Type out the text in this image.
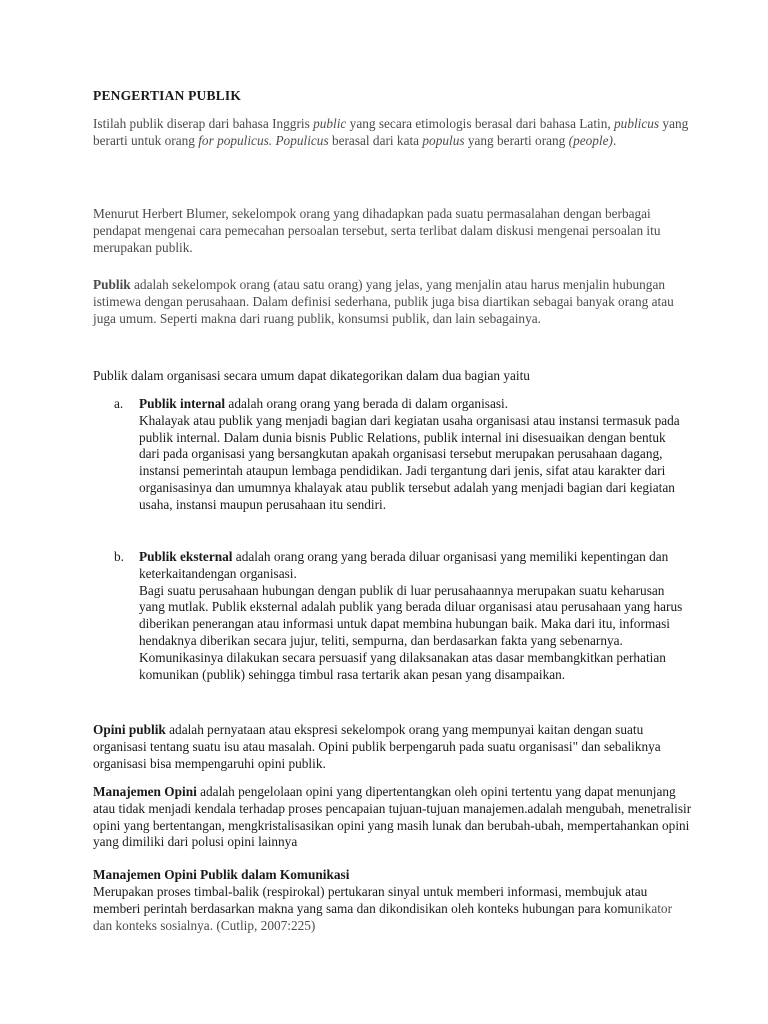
PENGERTIAN PUBLIK

Istilah publik diserap dari bahasa Inggris public yang secara etimologis berasal dari bahasa Latin, publicus yang berarti untuk orang for populicus. Populicus berasal dari kata populus yang berarti orang (people).

Menurut Herbert Blumer, sekelompok orang yang dihadapkan pada suatu permasalahan dengan berbagai pendapat mengenai cara pemecahan persoalan tersebut, serta terlibat dalam diskusi mengenai persoalan itu merupakan publik.

Publik adalah sekelompok orang (atau satu orang) yang jelas, yang menjalin atau harus menjalin hubungan istimewa dengan perusahaan. Dalam definisi sederhana, publik juga bisa diartikan sebagai banyak orang atau juga umum. Seperti makna dari ruang publik, konsumsi publik, dan lain sebagainya.

Publik dalam organisasi secara umum dapat dikategorikan dalam dua bagian yaitu

a.	Publik internal adalah orang orang yang berada di dalam organisasi.

Khalayak atau publik yang menjadi bagian dari kegiatan usaha organisasi atau instansi termasuk pada publik internal. Dalam dunia bisnis Public Relations, publik internal ini disesuaikan dengan bentuk dari pada organisasi yang bersangkutan apakah organisasi tersebut merupakan perusahaan dagang, instansi pemerintah ataupun lembaga pendidikan. Jadi tergantung dari jenis, sifat atau karakter dari organisasinya dan umumnya khalayak atau publik tersebut adalah yang menjadi bagian dari kegiatan usaha, instansi maupun perusahaan itu sendiri.

b.	Publik eksternal adalah orang orang yang berada diluar organisasi yang memiliki kepentingan dan keterkaitandengan organisasi.

Bagi suatu perusahaan hubungan dengan publik di luar perusahaannya merupakan suatu keharusan yang mutlak. Publik eksternal adalah publik yang berada diluar organisasi atau perusahaan yang harus diberikan penerangan atau informasi untuk dapat membina hubungan baik. Maka dari itu, informasi hendaknya diberikan secara jujur, teliti, sempurna, dan berdasarkan fakta yang sebenarnya. Komunikasinya dilakukan secara persuasif yang dilaksanakan atas dasar membangkitkan perhatian komunikan (publik) sehingga timbul rasa tertarik akan pesan yang disampaikan.

Opini publik adalah pernyataan atau ekspresi sekelompok orang yang mempunyai kaitan dengan suatu organisasi tentang suatu isu atau masalah. Opini publik berpengaruh pada suatu organisasi" dan sebaliknya organisasi bisa mempengaruhi opini publik.

Manajemen Opini adalah pengelolaan opini yang dipertentangkan oleh opini tertentu yang dapat menunjang atau tidak menjadi kendala terhadap proses pencapaian tujuan-tujuan manajemen.adalah mengubah, menetralisir opini yang bertentangan, mengkristalisasikan opini yang masih lunak dan berubah-ubah, mempertahankan opini yang dimiliki dari polusi opini lainnya

Manajemen Opini Publik dalam Komunikasi

Merupakan proses timbal-balik (respirokal) pertukaran sinyal untuk memberi informasi, membujuk atau memberi perintah berdasarkan makna yang sama dan dikondisikan oleh konteks hubungan para komunikator dan konteks sosialnya. (Cutlip, 2007:225)
